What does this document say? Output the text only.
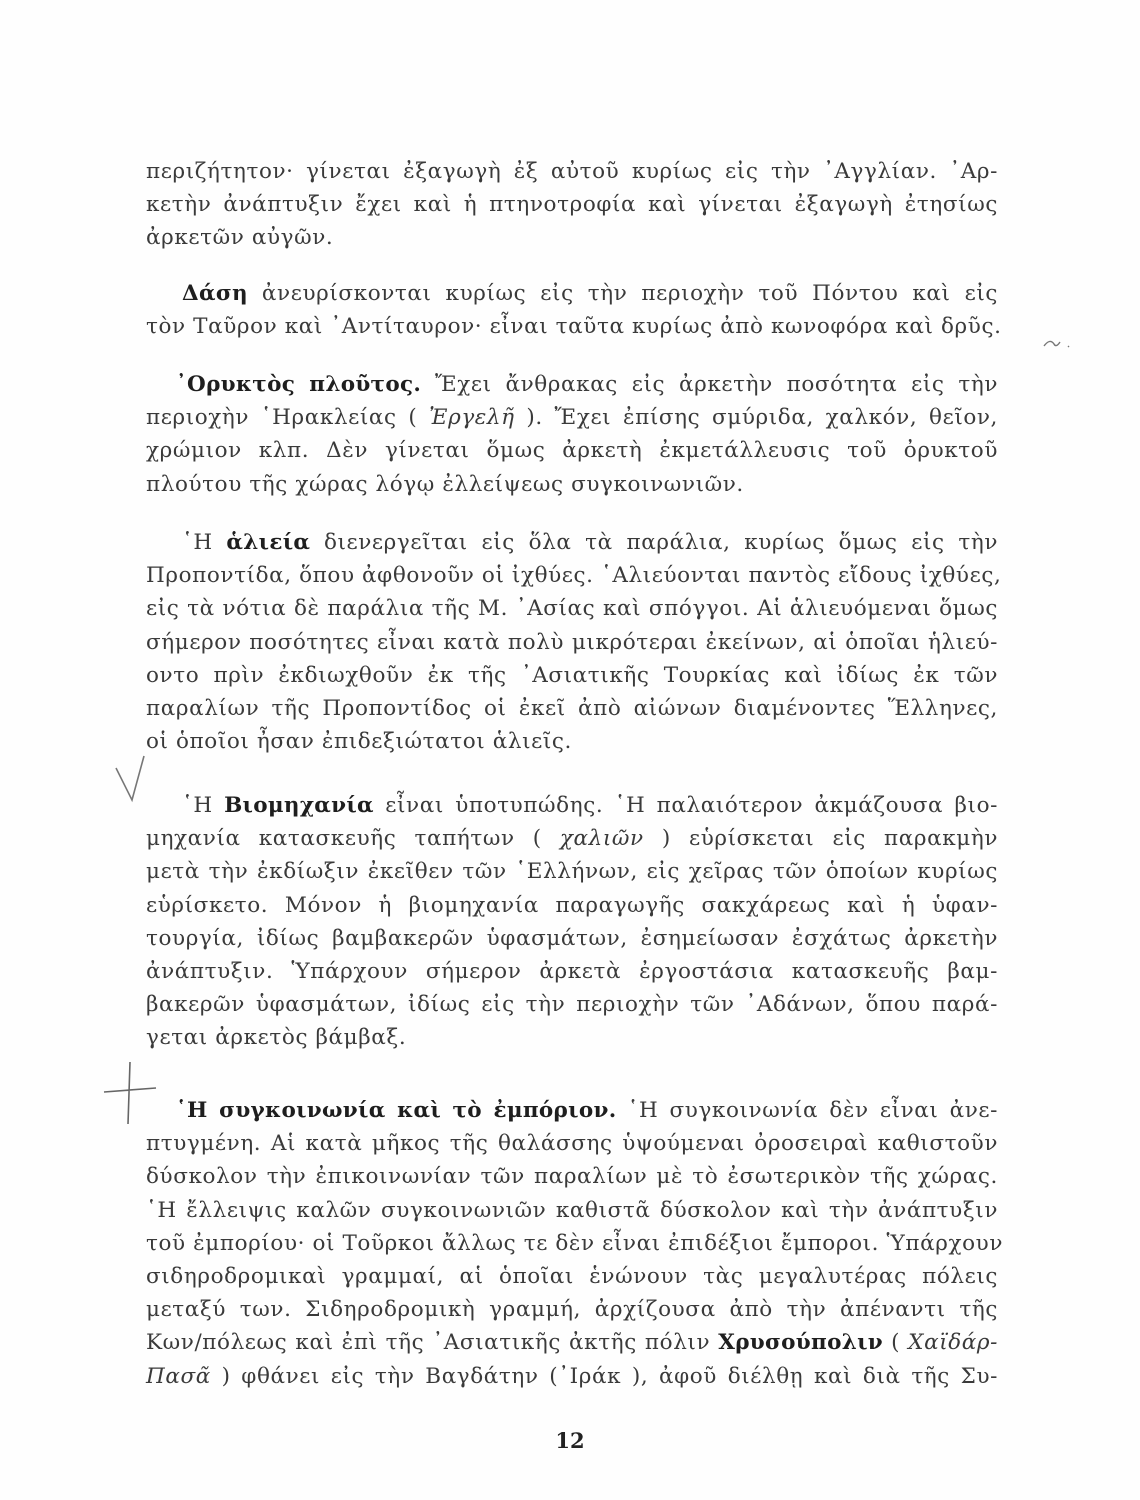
περιζήτητον· γίνεται ἐξαγωγὴ ἐξ αὐτοῦ κυρίως εἰς τὴν ᾿Αγγλίαν. ᾿Αρ-
κετὴν ἀνάπτυξιν ἔχει καὶ ἡ πτηνοτροφία καὶ γίνεται ἐξαγωγὴ ἐτησίως
ἀρκετῶν αὐγῶν.
Δάση ἀνευρίσκονται κυρίως εἰς τὴν περιοχὴν τοῦ Πόντου καὶ εἰς
τὸν Ταῦρον καὶ ᾿Αντίταυρον· εἶναι ταῦτα κυρίως ἀπὸ κωνοφόρα καὶ δρῦς.
᾿Ορυκτὸς πλοῦτος. Ἔχει ἄνθρακας εἰς ἀρκετὴν ποσότητα εἰς τὴν
περιοχὴν ῾Ηρακλείας ( Ἐργελῆ ). Ἔχει ἐπίσης σμύριδα, χαλκόν, θεῖον,
χρώμιον κλπ. Δὲν γίνεται ὅμως ἀρκετὴ ἐκμετάλλευσις τοῦ ὀρυκτοῦ
πλούτου τῆς χώρας λόγῳ ἐλλείψεως συγκοινωνιῶν.
῾Η ἁλιεία διενεργεῖται εἰς ὅλα τὰ παράλια, κυρίως ὅμως εἰς τὴν
Προποντίδα, ὅπου ἀφθονοῦν οἱ ἰχθύες. ῾Αλιεύονται παντὸς εἴδους ἰχθύες,
εἰς τὰ νότια δὲ παράλια τῆς Μ. ᾿Ασίας καὶ σπόγγοι. Αἱ ἁλιευόμεναι ὅμως
σήμερον ποσότητες εἶναι κατὰ πολὺ μικρότεραι ἐκείνων, αἱ ὁποῖαι ἡλιεύ-
οντο πρὶν ἐκδιωχθοῦν ἐκ τῆς ᾿Ασιατικῆς Τουρκίας καὶ ἰδίως ἐκ τῶν
παραλίων τῆς Προποντίδος οἱ ἐκεῖ ἀπὸ αἰώνων διαμένοντες Ἕλληνες,
οἱ ὁποῖοι ἦσαν ἐπιδεξιώτατοι ἁλιεῖς.
῾Η Βιομηχανία εἶναι ὑποτυπώδης. ῾Η παλαιότερον ἀκμάζουσα βιο-
μηχανία κατασκευῆς ταπήτων ( χαλιῶν ) εὑρίσκεται εἰς παρακμὴν
μετὰ τὴν ἐκδίωξιν ἐκεῖθεν τῶν ῾Ελλήνων, εἰς χεῖρας τῶν ὁποίων κυρίως
εὑρίσκετο. Μόνον ἡ βιομηχανία παραγωγῆς σακχάρεως καὶ ἡ ὑφαν-
τουργία, ἰδίως βαμβακερῶν ὑφασμάτων, ἐσημείωσαν ἐσχάτως ἀρκετὴν
ἀνάπτυξιν. Ὑπάρχουν σήμερον ἀρκετὰ ἐργοστάσια κατασκευῆς βαμ-
βακερῶν ὑφασμάτων, ἰδίως εἰς τὴν περιοχὴν τῶν ᾿Αδάνων, ὅπου παρά-
γεται ἀρκετὸς βάμβαξ.
῾Η συγκοινωνία καὶ τὸ ἐμπόριον. ῾Η συγκοινωνία δὲν εἶναι ἀνε-
πτυγμένη. Αἱ κατὰ μῆκος τῆς θαλάσσης ὑψούμεναι ὀροσειραὶ καθιστοῦν
δύσκολον τὴν ἐπικοινωνίαν τῶν παραλίων μὲ τὸ ἐσωτερικὸν τῆς χώρας.
῾Η ἔλλειψις καλῶν συγκοινωνιῶν καθιστᾶ δύσκολον καὶ τὴν ἀνάπτυξιν
τοῦ ἐμπορίου· οἱ Τοῦρκοι ἄλλως τε δὲν εἶναι ἐπιδέξιοι ἔμποροι. Ὑπάρχουν
σιδηροδρομικαὶ γραμμαί, αἱ ὁποῖαι ἑνώνουν τὰς μεγαλυτέρας πόλεις
μεταξύ των. Σιδηροδρομικὴ γραμμή, ἀρχίζουσα ἀπὸ τὴν ἀπέναντι τῆς
Κων/πόλεως καὶ ἐπὶ τῆς ᾿Ασιατικῆς ἀκτῆς πόλιν Χρυσούπολιν ( Χαϊδάρ-
Πασᾶ ) φθάνει εἰς τὴν Βαγδάτην (᾿Ιράκ ), ἀφοῦ διέλθῃ καὶ διὰ τῆς Συ-
12
